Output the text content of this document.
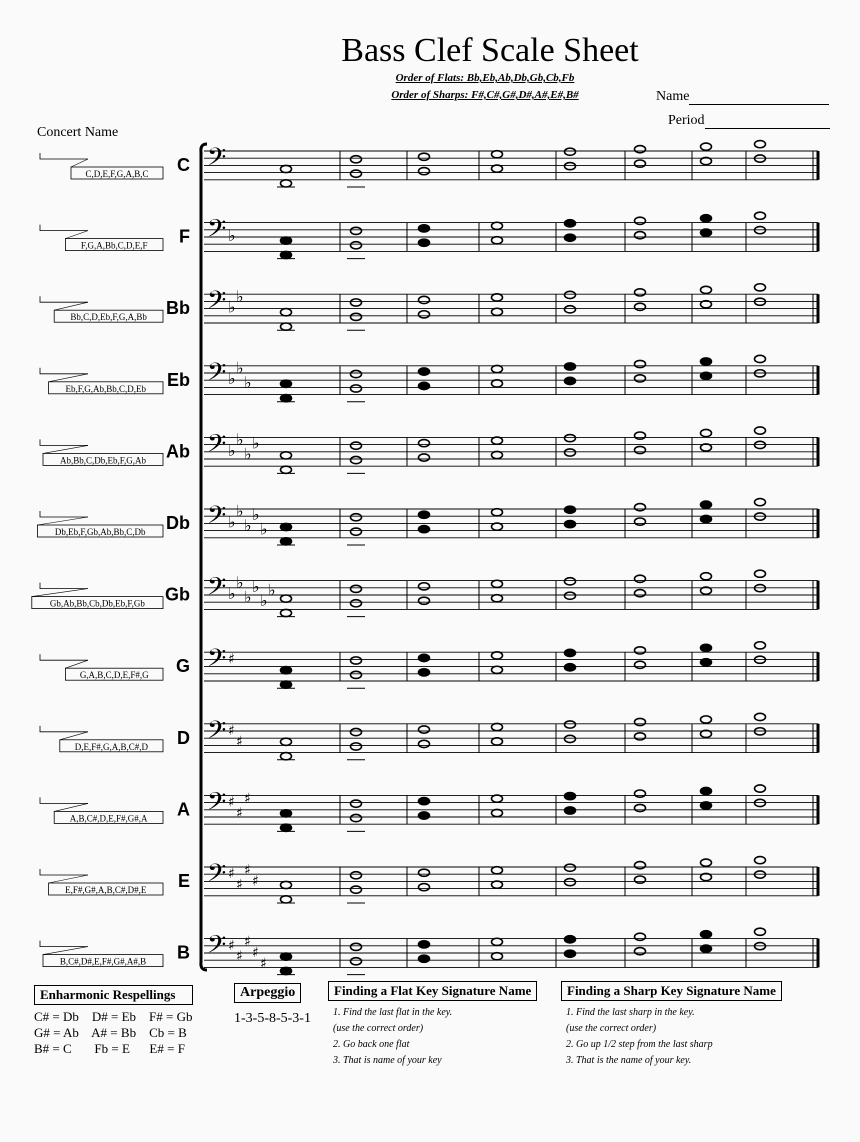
𝄢
C
C,D,E,F,G,A,B,C
𝄢 ♭
F
F,G,A,Bb,C,D,E,F
𝄢 ♭
♭
Bb
Bb,C,D,Eb,F,G,A,Bb
𝄢 ♭
♭
♭
Eb
Eb,F,G,Ab,Bb,C,D,Eb
𝄢 ♭
♭
♭
♭
Ab
Ab,Bb,C,Db,Eb,F,G,Ab
𝄢 ♭
♭
♭
♭
♭
Db
Db,Eb,F,Gb,Ab,Bb,C,Db
𝄢 ♭
♭
♭
♭
♭
♭
Gb
Gb,Ab,Bb,Cb,Db,Eb,F,Gb
𝄢 ♯
G
G,A,B,C,D,E,F#,G
𝄢 ♯
♯
D
D,E,F#,G,A,B,C#,D
𝄢 ♯
♯
♯
A
A,B,C#,D,E,F#,G#,A
𝄢 ♯
♯
♯
♯
E
E,F#,G#,A,B,C#,D#,E
𝄢 ♯
♯
♯
♯
♯
B
B,C#,D#,E,F#,G#,A#,B
Bass Clef Scale Sheet
Order of Flats: Bb,Eb,Ab,Db,Gb,Cb,Fb
Order of Sharps: F#,C#,G#,D#,A#,E#,B#	Name
Period
Concert Name
Enharmonic Respellings
C# = Db    D# = Eb    F# = Gb
G# = Ab    A# = Bb    Cb = B
B# = C       Fb = E      E# = F
Arpeggio
1-3-5-8-5-3-1
Finding a Flat Key Signature Name
1. Find the last flat in the key.
(use the correct order)
2. Go back one flat
3. That is name of your key
Finding a Sharp Key Signature Name
1. Find the last sharp in the key.
(use the correct order)
2. Go up 1/2 step from the last sharp
3. That is the name of your key.
